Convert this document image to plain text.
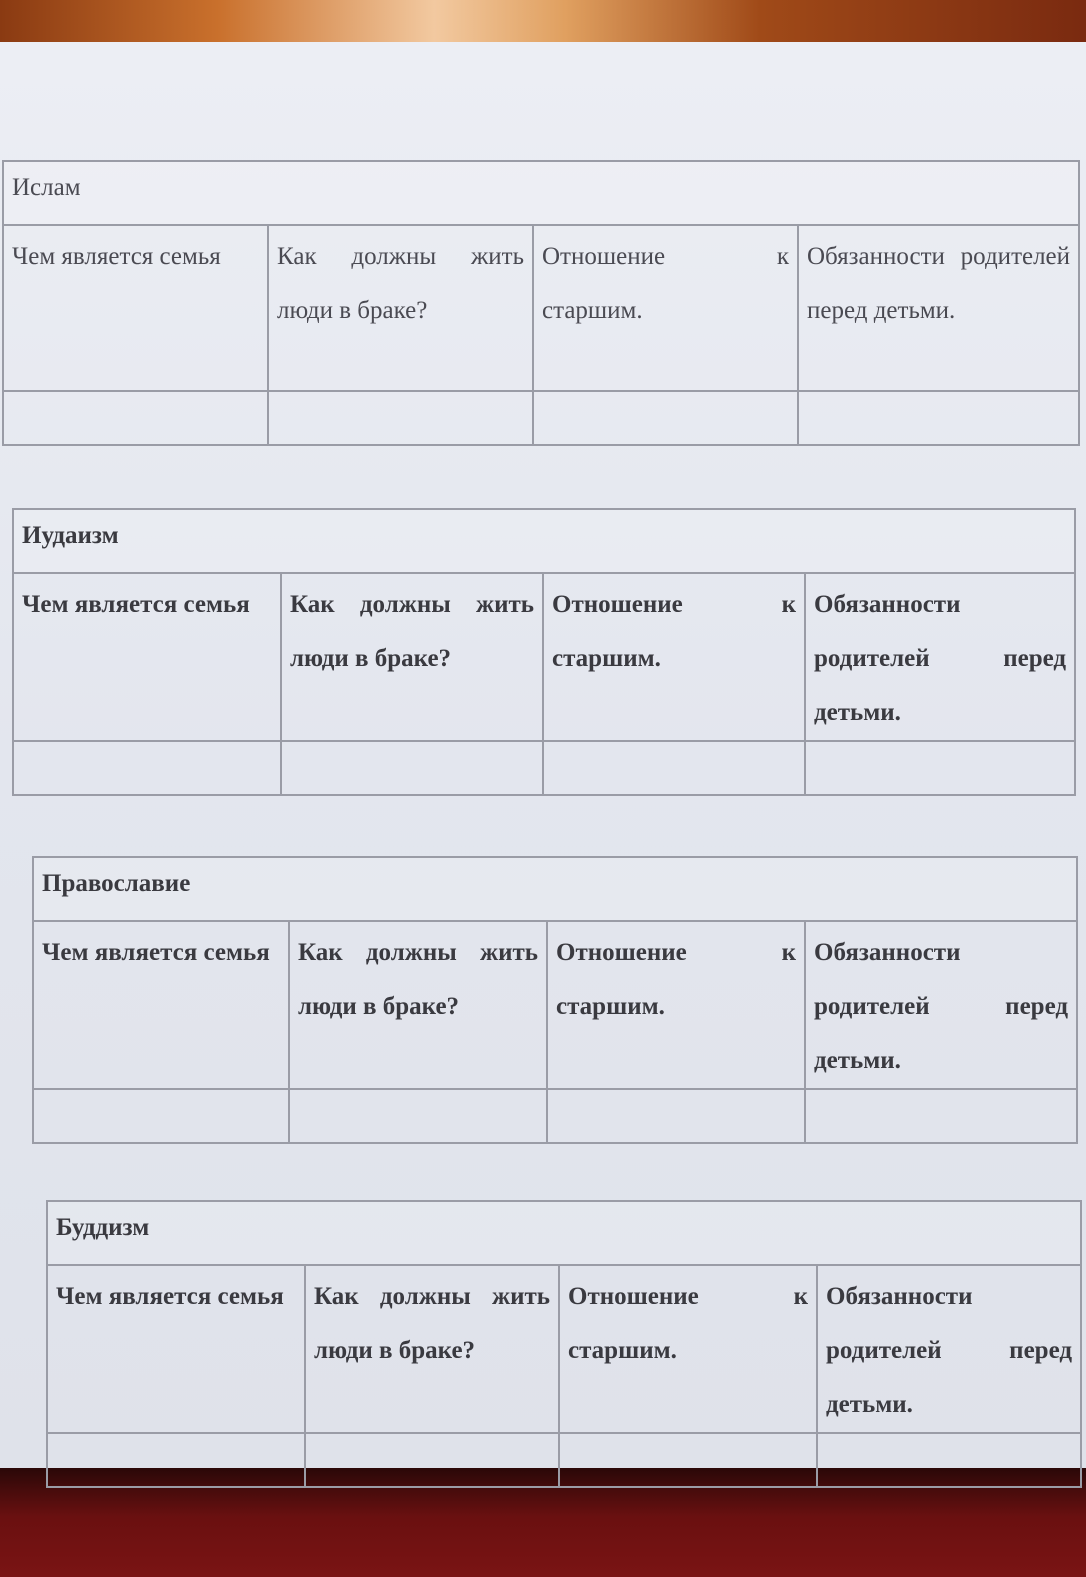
Ислам			

Чем является семья	Как должны жить люди в браке?	Отношение к старшим.	Обязанности родителей перед детьми.

Иудаизм			

Чем является семья	Как должны жить люди в браке?	Отношение к старшим.	Обязанности родителей перед детьми.

Православие			

Чем является семья	Как должны жить люди в браке?	Отношение к старшим.	Обязанности родителей перед детьми.

Буддизм			

Чем является семья	Как должны жить люди в браке?	Отношение к старшим.	Обязанности родителей перед детьми.
